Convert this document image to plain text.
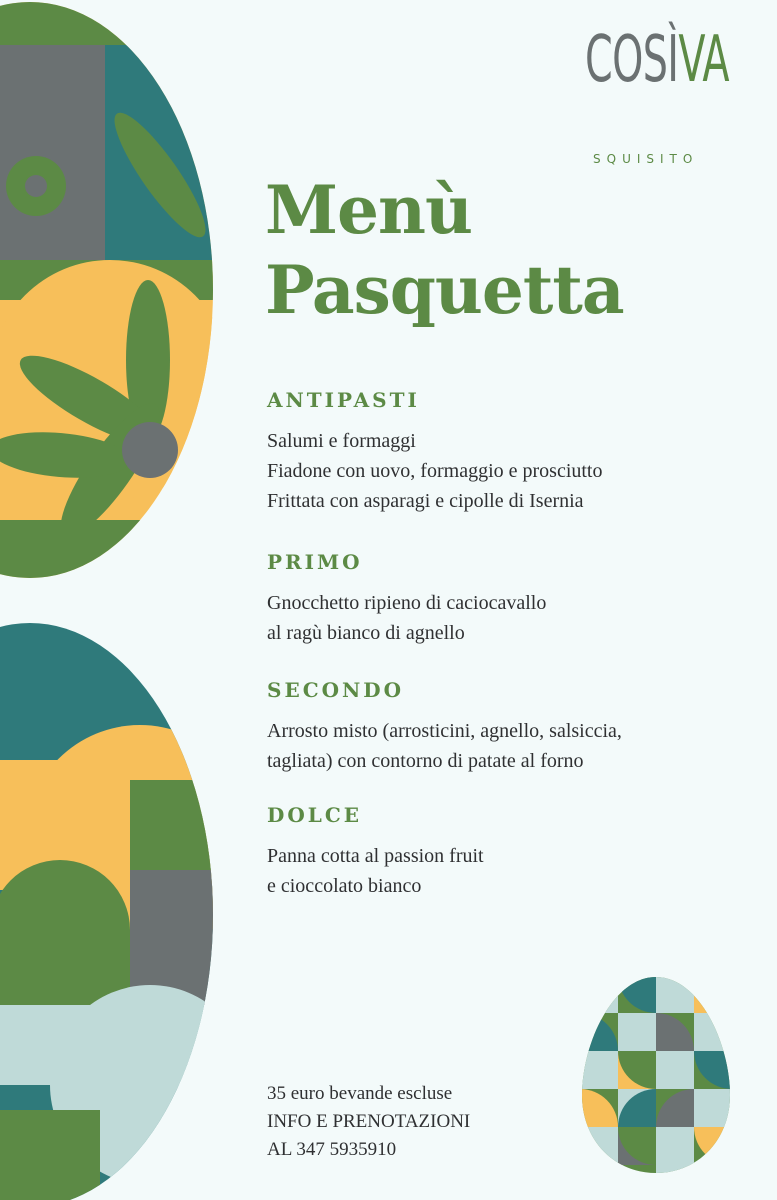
COSÌVA
SQUISITO
Menù
Pasquetta
ANTIPASTI
Salumi e formaggi
Fiadone con uovo, formaggio e prosciutto
Frittata con asparagi e cipolle di Isernia
PRIMO
Gnocchetto ripieno di caciocavallo
al ragù bianco di agnello
SECONDO
Arrosto misto (arrosticini, agnello, salsiccia,
tagliata) con contorno di patate al forno
DOLCE
Panna cotta al passion fruit
e cioccolato bianco
35 euro bevande escluse
INFO E PRENOTAZIONI
AL 347 5935910
